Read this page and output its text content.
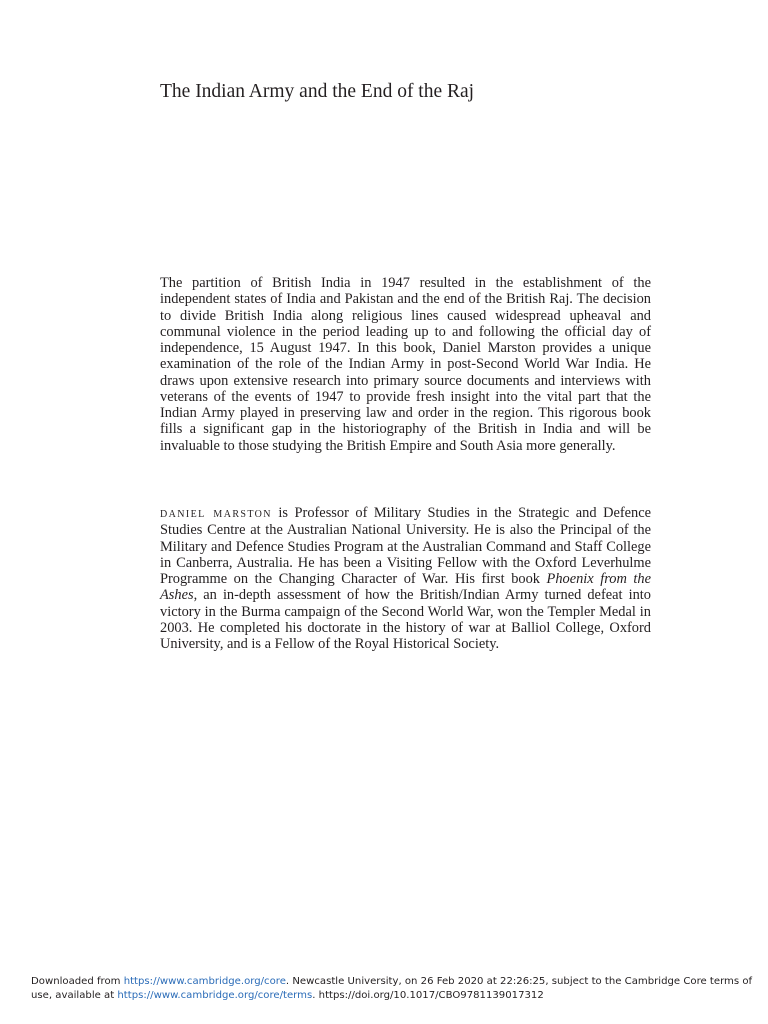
The Indian Army and the End of the Raj

The partition of British India in 1947 resulted in the establishment of the independent states of India and Pakistan and the end of the British Raj. The decision to divide British India along religious lines caused widespread upheaval and communal violence in the period leading up to and following the official day of independence, 15 August 1947. In this book, Daniel Marston provides a unique examination of the role of the Indian Army in post-Second World War India. He draws upon extensive research into primary source documents and interviews with veterans of the events of 1947 to provide fresh insight into the vital part that the Indian Army played in preserving law and order in the region. This rigorous book fills a significant gap in the historiography of the British in India and will be invaluable to those studying the British Empire and South Asia more generally.

daniel marston is Professor of Military Studies in the Strategic and Defence Studies Centre at the Australian National University. He is also the Principal of the Military and Defence Studies Program at the Australian Command and Staff College in Canberra, Australia. He has been a Visiting Fellow with the Oxford Leverhulme Programme on the Changing Character of War. His first book Phoenix from the Ashes, an in-depth assessment of how the British/Indian Army turned defeat into victory in the Burma campaign of the Second World War, won the Templer Medal in 2003. He completed his doctorate in the history of war at Balliol College, Oxford University, and is a Fellow of the Royal Historical Society.

Downloaded from https://www.cambridge.org/core. Newcastle University, on 26 Feb 2020 at 22:26:25, subject to the Cambridge Core terms of
use, available at https://www.cambridge.org/core/terms. https://doi.org/10.1017/CBO9781139017312
